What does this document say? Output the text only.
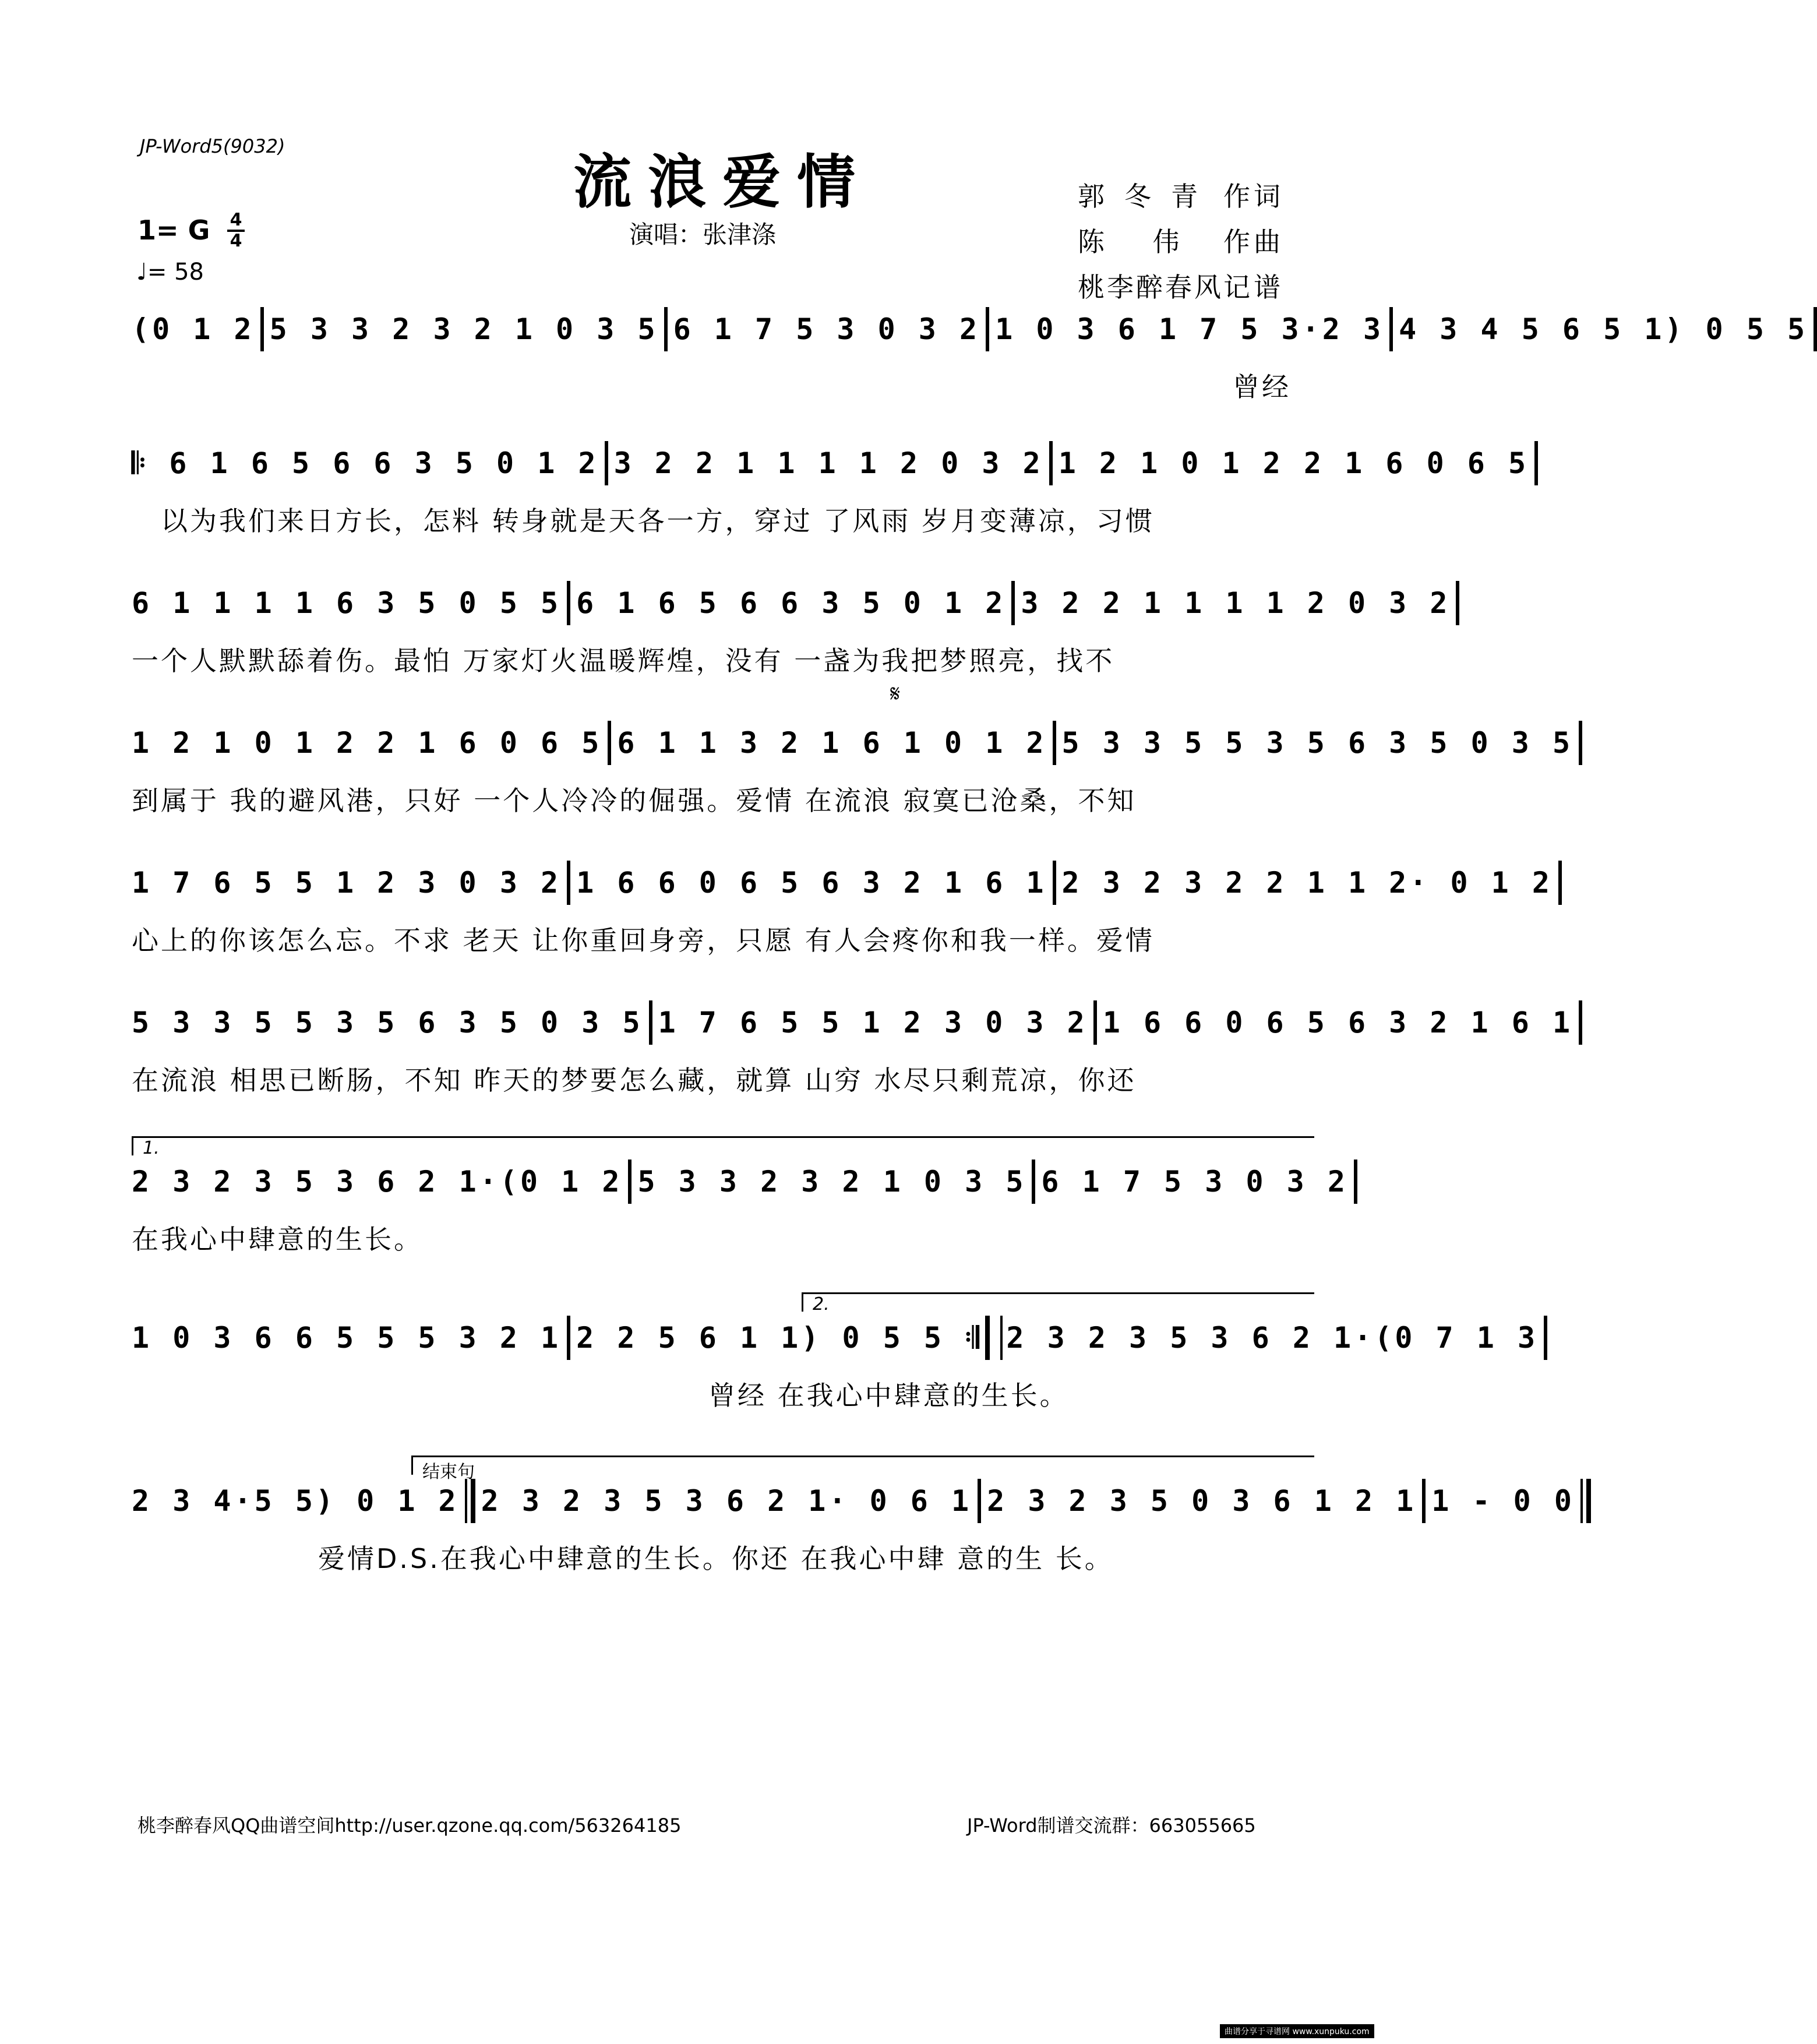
JP-Word5(9032)
流浪爱情
演唱：张津涤
1= G 4
4
♩= 58
郭冬青 作词
陈 伟 作曲
桃李醉春风 记谱
𝄋
(0 1 2 5 3 3 2 3 2 1 0 3 5 6 1 7 5 3 0 3 2 1 0 3 6 1 7 5 3·2 3 4 3 4 5 6 5 1) 0 5 5
曾经
𝄆 6 1 6 5 6 6 3 5 0 1 2 3 2 2 1 1 1 1 2 0 3 2 1 2 1 0 1 2 2 1 6 0 6 5
以为我们来日方长，怎料 转身就是天各一方，穿过 了风雨 岁月变薄凉，习惯
6 1 1 1 1 6 3 5 0 5 5 6 1 6 5 6 6 3 5 0 1 2 3 2 2 1 1 1 1 2 0 3 2
一个人默默舔着伤。最怕 万家灯火温暖辉煌，没有 一盏为我把梦照亮，找不
1 2 1 0 1 2 2 1 6 0 6 5 6 1 1 3 2 1 6 1 0 1 2 5 3 3 5 5 3 5 6 3 5 0 3 5
到属于 我的避风港，只好 一个人冷冷的倔强。爱情 在流浪 寂寞已沧桑，不知
1 7 6 5 5 1 2 3 0 3 2 1 6 6 0 6 5 6 3 2 1 6 1 2 3 2 3 2 2 1 1 2· 0 1 2
心上的你该怎么忘。不求 老天 让你重回身旁，只愿 有人会疼你和我一样。爱情
5 3 3 5 5 3 5 6 3 5 0 3 5 1 7 6 5 5 1 2 3 0 3 2 1 6 6 0 6 5 6 3 2 1 6 1
在流浪 相思已断肠，不知 昨天的梦要怎么藏，就算 山穷 水尽只剩荒凉，你还
1.
2 3 2 3 5 3 6 2 1·(0 1 2 5 3 3 2 3 2 1 0 3 5 6 1 7 5 3 0 3 2
在我心中肆意的生长。
2.
1 0 3 6 6 5 5 5 3 2 1 2 2 5 6 1 1) 0 5 5 𝄇 2 3 2 3 5 3 6 2 1·(0 7 1 3
曾经 在我心中肆意的生长。
结束句
2 3 4·5 5) 0 1 2 2 3 2 3 5 3 6 2 1· 0 6 1 2 3 2 3 5 0 3 6 1 2 1 1 - 0 0
爱情D.S.在我心中肆意的生长。你还 在我心中肆 意的生 长。
桃李醉春风QQ曲谱空间http://user.qzone.qq.com/563264185	JP-Word制谱交流群：663055665
曲谱分享于寻谱网 www.xunpuku.com
